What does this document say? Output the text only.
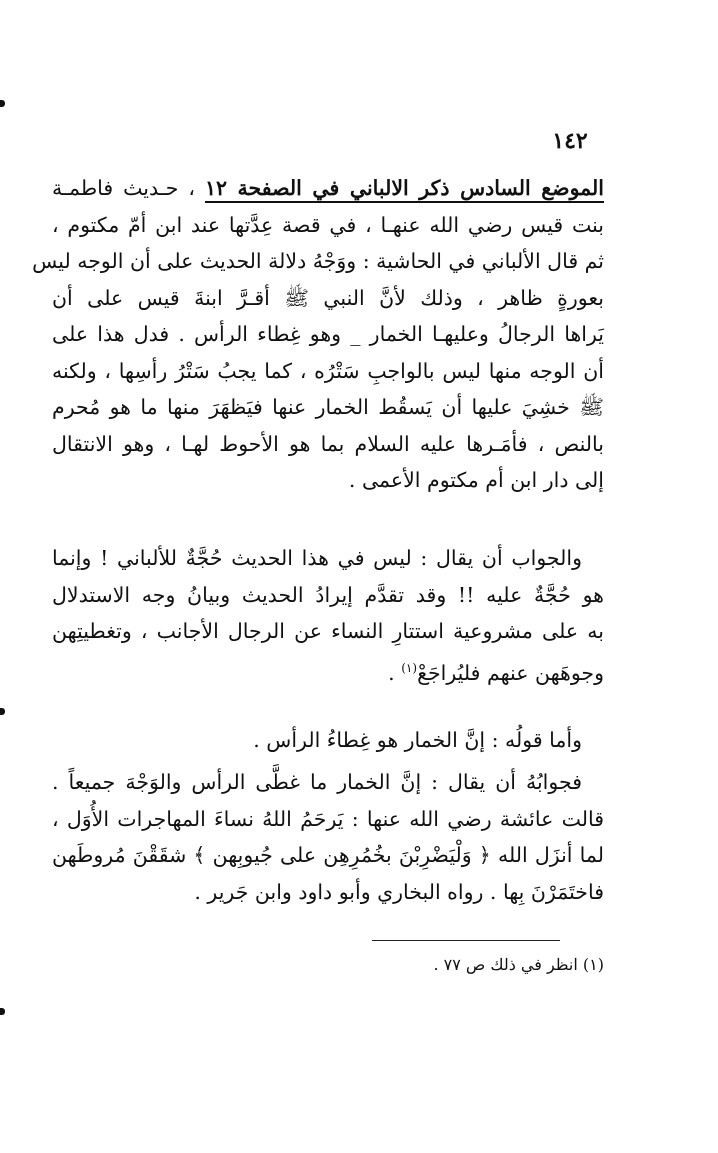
١٤٢
الموضع السادس ذكر الالباني في الصفحة ١٢ ، حـديث فاطمـة
بنت قيس رضي الله عنهـا ، في قصة عِدَّتها عند ابن أمّ مكتوم ،
ثم قال الألباني في الحاشية : ووَجْهُ دلالة الحديث على أن الوجه ليس
بعورةٍ ظاهر ، وذلك لأنَّ النبي ﷺ أقـرَّ ابنةَ قيس على أن
يَراها الرجالُ وعليهـا الخمار _ وهو غِطاء الرأس . فدل هذا على
أن الوجه منها ليس بالواجبِ سَتْرُه ، كما يجبُ سَتْرُ رأسِها ، ولكنه
ﷺ خشِيَ عليها أن يَسقُط الخمار عنها فيَظهَرَ منها ما هو مُحرم
بالنص ، فأمَـرها عليه السلام بما هو الأحوط لهـا ، وهو الانتقال
إلى دار ابن أم مكتوم الأعمى .
والجواب أن يقال : ليس في هذا الحديث حُجَّةٌ للألباني ! وإنما
هو حُجَّةٌ عليه !! وقد تقدَّم إيرادُ الحديث وبيانُ وجه الاستدلال
به على مشروعية استتارِ النساء عن الرجال الأجانب ، وتغطيتِهن
وجوهَهن عنهم فليُراجَعْ$^{(١)}$ .
وأما قولُه : إنَّ الخمار هو غِطاءُ الرأس .
فجوابُهُ أن يقال : إنَّ الخمار ما غطَّى الرأس والوَجْهَ جميعاً .
قالت عائشة رضي الله عنها : يَرحَمُ اللهُ نساءَ المهاجرات الأُوَل ،
لما أنزَل الله ﴿ وَلْيَضْرِبْنَ بخُمُرِهِن على جُيوبِهن ﴾ شقَقْنَ مُروطَهن
فاختَمَرْنَ بِها . رواه البخاري وأبو داود وابن جَرير .
(١) انظر في ذلك ص ٧٧ .
